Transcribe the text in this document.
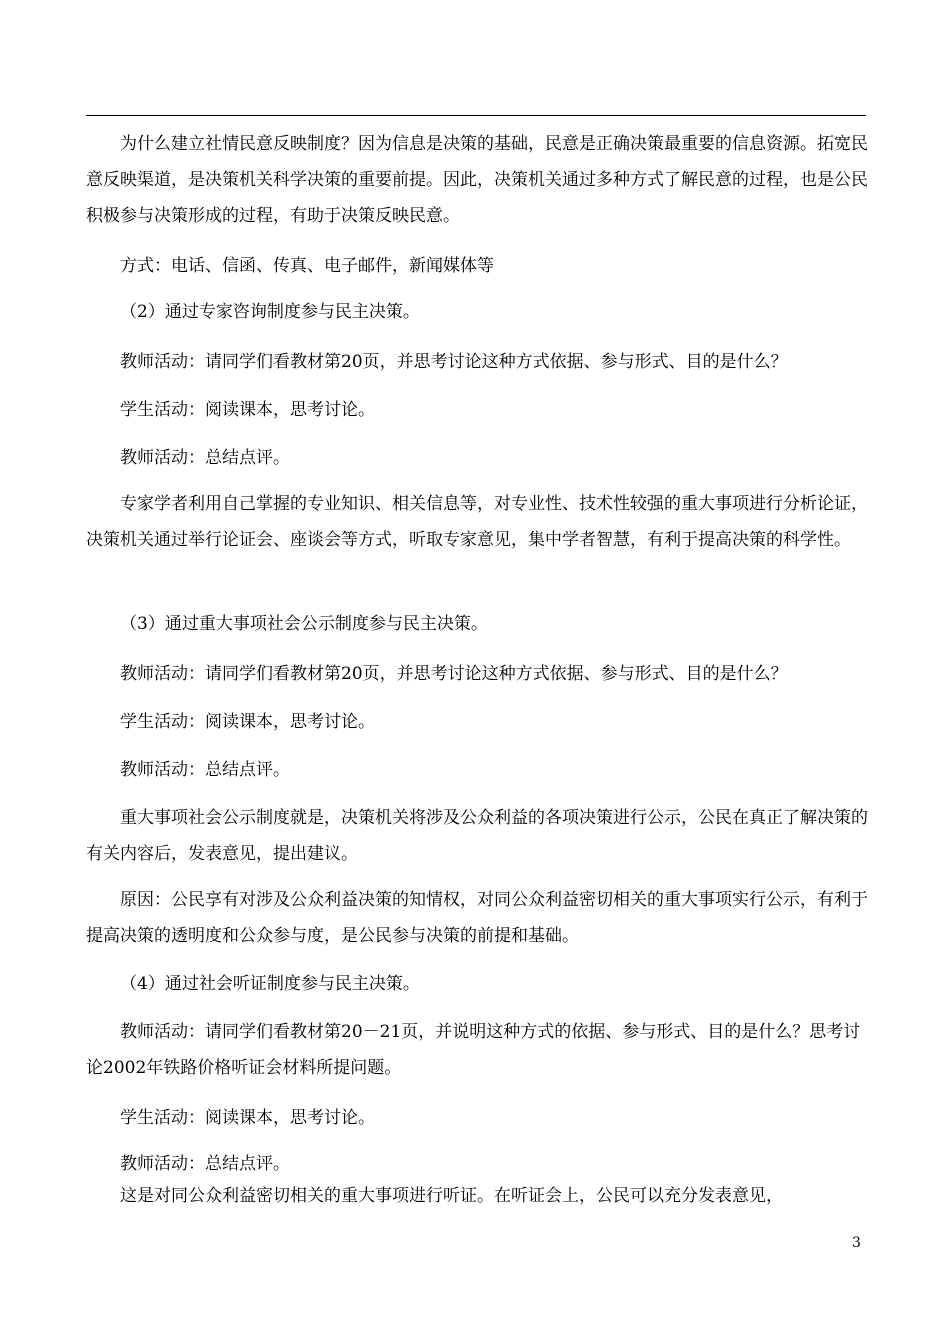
为什么建立社情民意反映制度？因为信息是决策的基础，民意是正确决策最重要的信息资源。拓宽民意反映渠道，是决策机关科学决策的重要前提。因此，决策机关通过多种方式了解民意的过程，也是公民积极参与决策形成的过程，有助于决策反映民意。

方式：电话、信函、传真、电子邮件，新闻媒体等

（2）通过专家咨询制度参与民主决策。

教师活动：请同学们看教材第20页，并思考讨论这种方式依据、参与形式、目的是什么？

学生活动：阅读课本，思考讨论。

教师活动：总结点评。

专家学者利用自己掌握的专业知识、相关信息等，对专业性、技术性较强的重大事项进行分析论证，决策机关通过举行论证会、座谈会等方式，听取专家意见，集中学者智慧，有利于提高决策的科学性。

（3）通过重大事项社会公示制度参与民主决策。

教师活动：请同学们看教材第20页，并思考讨论这种方式依据、参与形式、目的是什么？

学生活动：阅读课本，思考讨论。

教师活动：总结点评。

重大事项社会公示制度就是，决策机关将涉及公众利益的各项决策进行公示，公民在真正了解决策的有关内容后，发表意见，提出建议。

原因：公民享有对涉及公众利益决策的知情权，对同公众利益密切相关的重大事项实行公示，有利于提高决策的透明度和公众参与度，是公民参与决策的前提和基础。

（4）通过社会听证制度参与民主决策。

教师活动：请同学们看教材第20－21页，并说明这种方式的依据、参与形式、目的是什么？思考讨论2002年铁路价格听证会材料所提问题。

学生活动：阅读课本，思考讨论。

教师活动：总结点评。

这是对同公众利益密切相关的重大事项进行听证。在听证会上，公民可以充分发表意见，

3
